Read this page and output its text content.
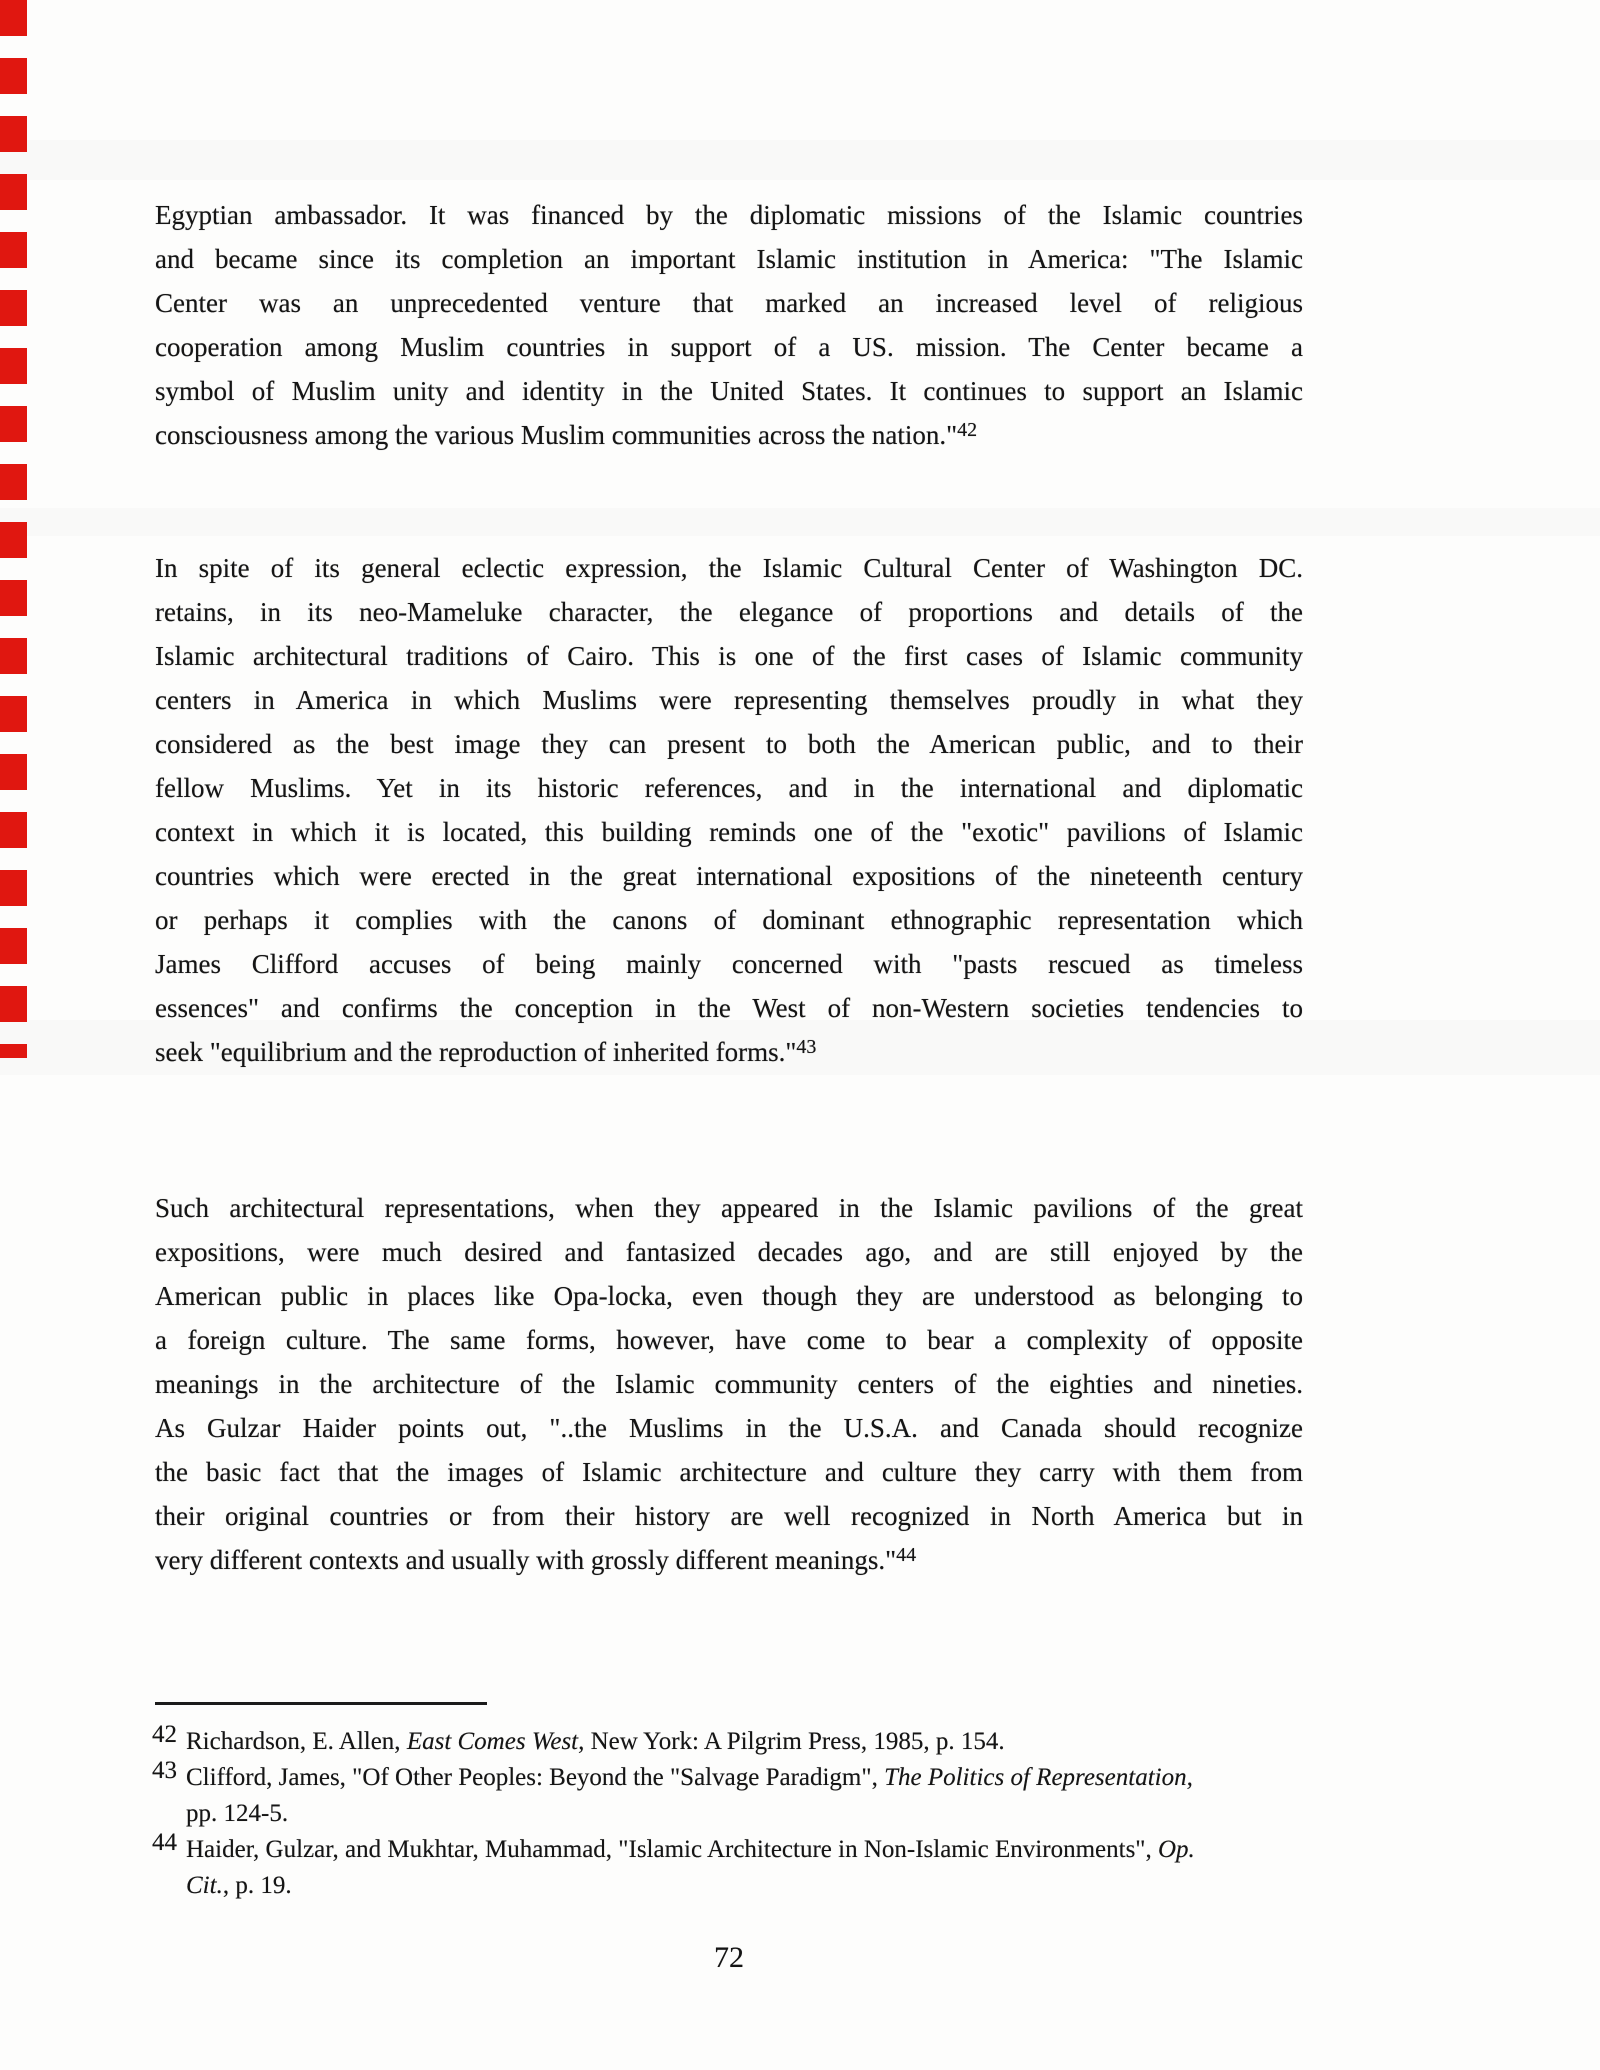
Egyptian ambassador. It was financed by the diplomatic missions of the Islamic countries
and became since its completion an important Islamic institution in America: "The Islamic
Center was an unprecedented venture that marked an increased level of religious
cooperation among Muslim countries in support of a US. mission. The Center became a
symbol of Muslim unity and identity in the United States. It continues to support an Islamic
consciousness among the various Muslim communities across the nation."$^{42}$
In spite of its general eclectic expression, the Islamic Cultural Center of Washington DC.
retains, in its neo-Mameluke character, the elegance of proportions and details of the
Islamic architectural traditions of Cairo. This is one of the first cases of Islamic community
centers in America in which Muslims were representing themselves proudly in what they
considered as the best image they can present to both the American public, and to their
fellow Muslims. Yet in its historic references, and in the international and diplomatic
context in which it is located, this building reminds one of the "exotic" pavilions of Islamic
countries which were erected in the great international expositions of the nineteenth century
or perhaps it complies with the canons of dominant ethnographic representation which
James Clifford accuses of being mainly concerned with "pasts rescued as timeless
essences" and confirms the conception in the West of non-Western societies tendencies to
seek "equilibrium and the reproduction of inherited forms."$^{43}$
Such architectural representations, when they appeared in the Islamic pavilions of the great
expositions, were much desired and fantasized decades ago, and are still enjoyed by the
American public in places like Opa-locka, even though they are understood as belonging to
a foreign culture. The same forms, however, have come to bear a complexity of opposite
meanings in the architecture of the Islamic community centers of the eighties and nineties.
As Gulzar Haider points out, "..the Muslims in the U.S.A. and Canada should recognize
the basic fact that the images of Islamic architecture and culture they carry with them from
their original countries or from their history are well recognized in North America but in
very different contexts and usually with grossly different meanings."$^{44}$
42 Richardson, E. Allen, East Comes West, New York: A Pilgrim Press, 1985, p. 154.
43 Clifford, James, "Of Other Peoples: Beyond the "Salvage Paradigm", The Politics of Representation,
pp. 124-5.
44 Haider, Gulzar, and Mukhtar, Muhammad, "Islamic Architecture in Non-Islamic Environments", Op.
Cit., p. 19.
72
